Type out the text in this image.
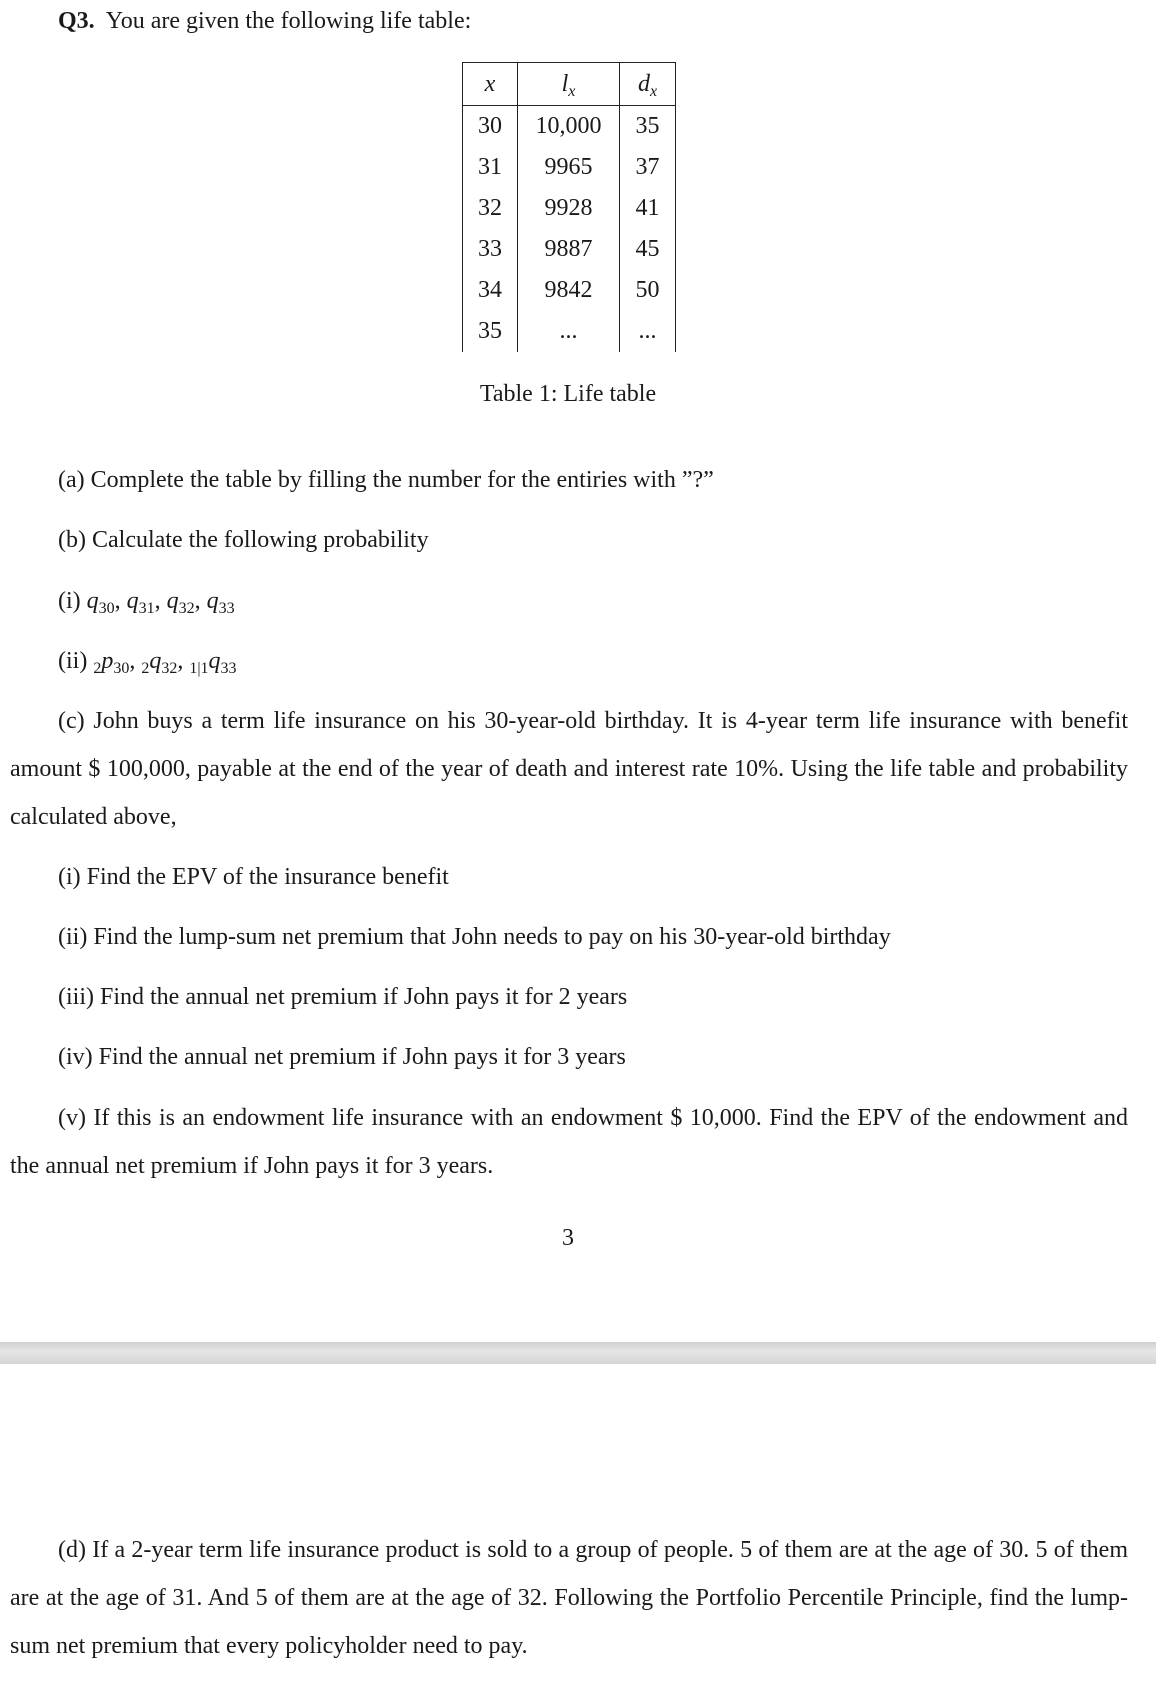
Q3. You are given the following life table:
x	$l_x$	$d_x$
30	10,000	35
31	9965	37
32	9928	41
33	9887	45
34	9842	50
35	...	...
Table 1: Life table
(a) Complete the table by filling the number for the entiries with ”?”
(b) Calculate the following probability
(i) $q_{30}$, $q_{31}$, $q_{32}$, $q_{33}$
(ii) $_2p_{30}$, $_2q_{32}$, $_{1|1}q_{33}$
(c) John buys a term life insurance on his 30-year-old birthday. It is 4-year term life insurance with benefit amount $ 100,000, payable at the end of the year of death and interest rate 10%. Using the life table and probability calculated above,
(i) Find the EPV of the insurance benefit
(ii) Find the lump-sum net premium that John needs to pay on his 30-year-old birthday
(iii) Find the annual net premium if John pays it for 2 years
(iv) Find the annual net premium if John pays it for 3 years
(v) If this is an endowment life insurance with an endowment $ 10,000. Find the EPV of the endowment and the annual net premium if John pays it for 3 years.
3
(d) If a 2-year term life insurance product is sold to a group of people. 5 of them are at the age of 30. 5 of them are at the age of 31. And 5 of them are at the age of 32. Following the Portfolio Percentile Principle, find the lump-sum net premium that every policyholder need to pay.
